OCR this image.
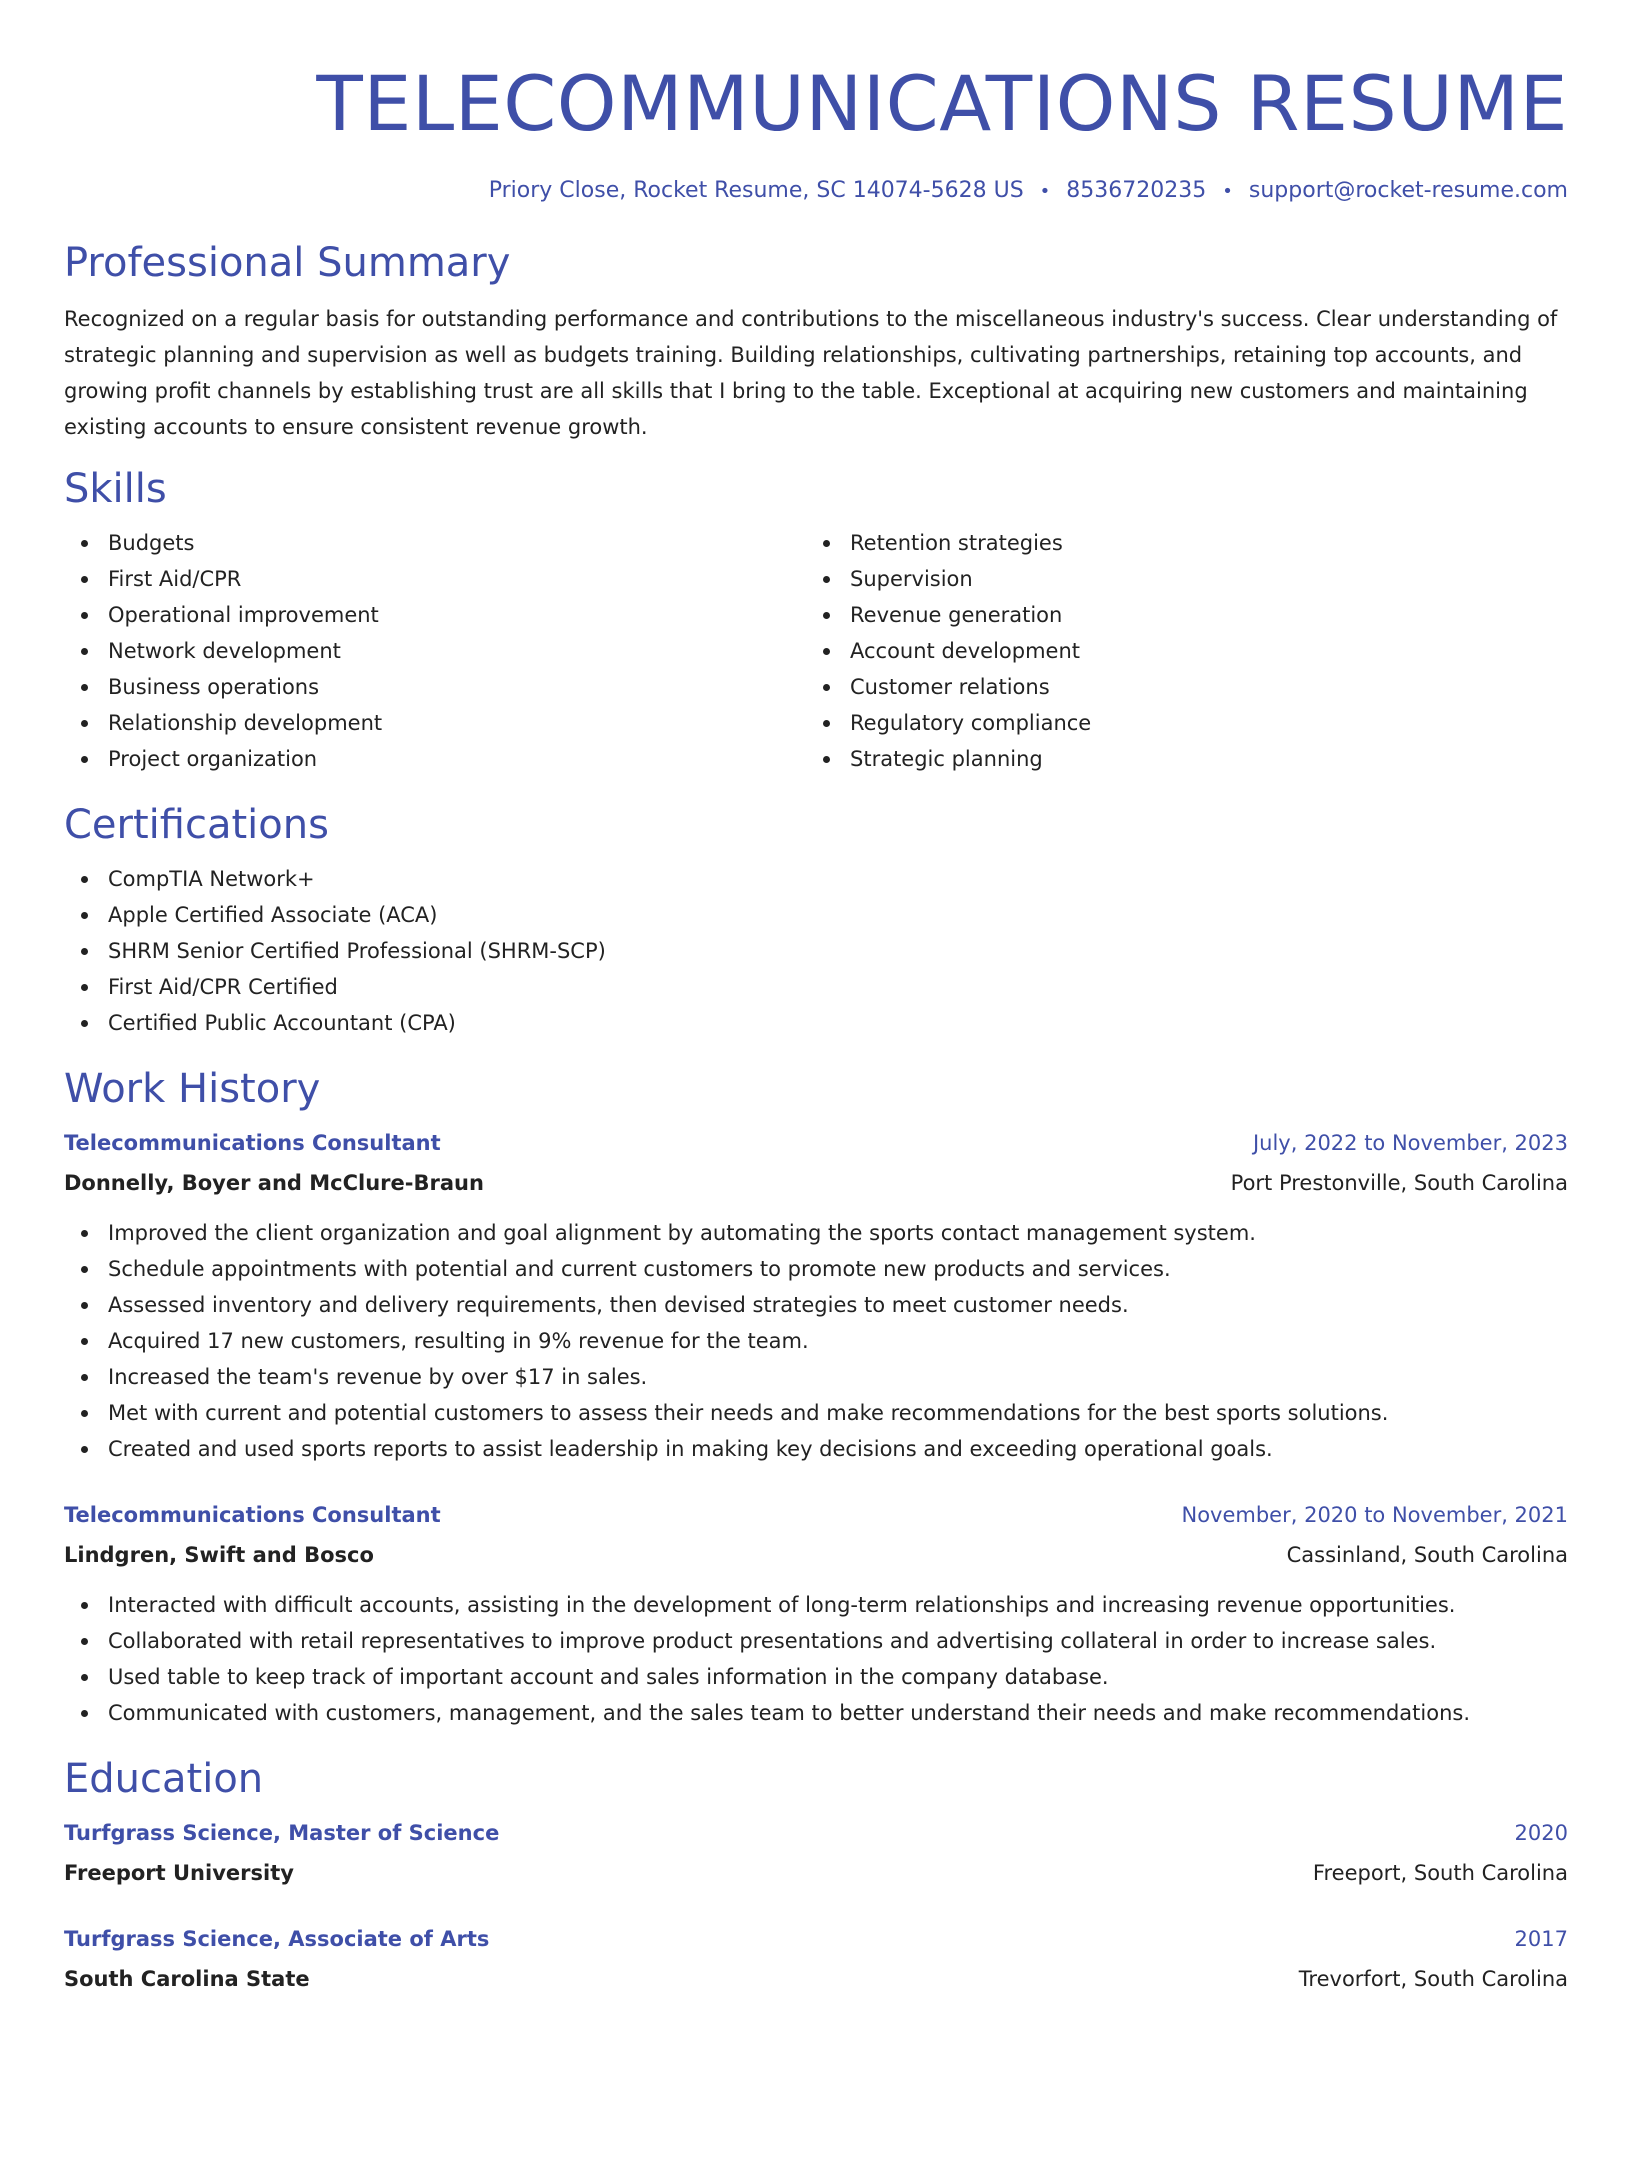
TELECOMMUNICATIONS RESUME
Priory Close, Rocket Resume, SC 14074-5628 US • 8536720235 • support@rocket-resume.com
Professional Summary

Recognized on a regular basis for outstanding performance and contributions to the miscellaneous industry's success. Clear understanding of strategic planning and supervision as well as budgets training. Building relationships, cultivating partnerships, retaining top accounts, and growing profit channels by establishing trust are all skills that I bring to the table. Exceptional at acquiring new customers and maintaining existing accounts to ensure consistent revenue growth.

Skills
Budgets
First Aid/CPR
Operational improvement
Network development
Business operations
Relationship development
Project organization
Retention strategies
Supervision
Revenue generation
Account development
Customer relations
Regulatory compliance
Strategic planning
Certifications
CompTIA Network+
Apple Certified Associate (ACA)
SHRM Senior Certified Professional (SHRM-SCP)
First Aid/CPR Certified
Certified Public Accountant (CPA)
Work History
Telecommunications Consultant	July, 2022 to November, 2023
Donnelly, Boyer and McClure-Braun	Port Prestonville, South Carolina
Improved the client organization and goal alignment by automating the sports contact management system.
Schedule appointments with potential and current customers to promote new products and services.
Assessed inventory and delivery requirements, then devised strategies to meet customer needs.
Acquired 17 new customers, resulting in 9% revenue for the team.
Increased the team's revenue by over $17 in sales.
Met with current and potential customers to assess their needs and make recommendations for the best sports solutions.
Created and used sports reports to assist leadership in making key decisions and exceeding operational goals.
Telecommunications Consultant	November, 2020 to November, 2021
Lindgren, Swift and Bosco	Cassinland, South Carolina
Interacted with difficult accounts, assisting in the development of long-term relationships and increasing revenue opportunities.
Collaborated with retail representatives to improve product presentations and advertising collateral in order to increase sales.
Used table to keep track of important account and sales information in the company database.
Communicated with customers, management, and the sales team to better understand their needs and make recommendations.
Education
Turfgrass Science, Master of Science	2020
Freeport University	Freeport, South Carolina
Turfgrass Science, Associate of Arts	2017
South Carolina State	Trevorfort, South Carolina
